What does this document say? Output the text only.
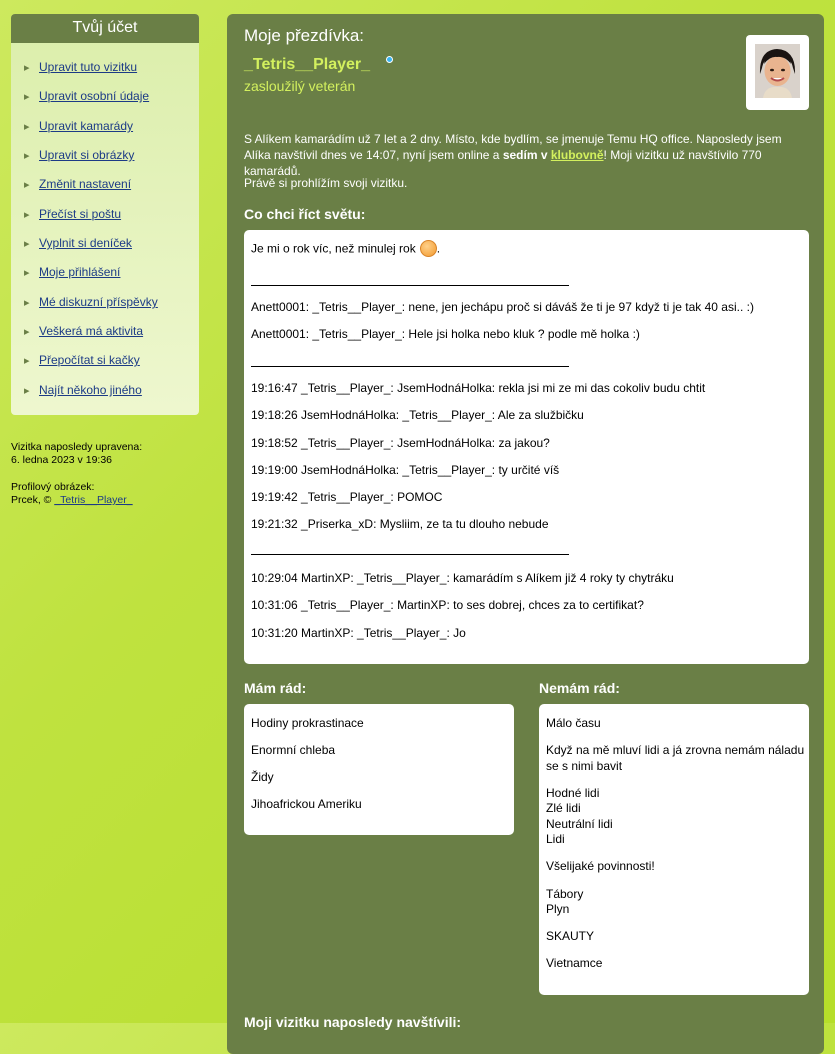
Tvůj účet
▸ Upravit tuto vizitku
▸ Upravit osobní údaje
▸ Upravit kamarády
▸ Upravit si obrázky
▸ Změnit nastavení
▸ Přečíst si poštu
▸ Vyplnit si deníček
▸ Moje přihlášení
▸ Mé diskuzní příspěvky
▸ Veškerá má aktivita
▸ Přepočítat si kačky
▸ Najít někoho jiného
Vizitka naposledy upravena:
6. ledna 2023 v 19:36
Profilový obrázek:
Prcek, © _Tetris__Player_
Moje přezdívka:
_Tetris__Player_
zasloužilý veterán
S Alíkem kamarádím už 7 let a 2 dny. Místo, kde bydlím, se jmenuje Temu HQ office. Naposledy jsem Alíka navštívil dnes ve 14:07, nyní jsem online a sedím v klubovně! Moji vizitku už navštívilo 770 kamarádů.
Právě si prohlížím svoji vizitku.
Co chci říct světu:
Je mi o rok víc, než minulej rok .
Anett0001: _Tetris__Player_: nene, jen jechápu proč si dáváš že ti je 97 když ti je tak 40 asi.. :)
Anett0001: _Tetris__Player_: Hele jsi holka nebo kluk ? podle mě holka :)
19:16:47 _Tetris__Player_: JsemHodnáHolka: rekla jsi mi ze mi das cokoliv budu chtit
19:18:26 JsemHodnáHolka: _Tetris__Player_: Ale za službičku
19:18:52 _Tetris__Player_: JsemHodnáHolka: za jakou?
19:19:00 JsemHodnáHolka: _Tetris__Player_: ty určité víš
19:19:42 _Tetris__Player_: POMOC
19:21:32 _Priserka_xD: Mysliim, ze ta tu dlouho nebude
10:29:04 MartinXP: _Tetris__Player_: kamarádím s Alíkem již 4 roky ty chytráku
10:31:06 _Tetris__Player_: MartinXP: to ses dobrej, chces za to certifikat?
10:31:20 MartinXP: _Tetris__Player_: Jo
Mám rád:
Hodiny prokrastinace
Enormní chleba
Židy
Jihoafrickou Ameriku
Nemám rád:
Málo času
Když na mě mluví lidi a já zrovna nemám náladu
se s nimi bavit
Hodné lidi
Zlé lidi
Neutrální lidi
Lidi
Všelijaké povinnosti!
Tábory
Plyn
SKAUTY
Vietnamce
Moji vizitku naposledy navštívili:
